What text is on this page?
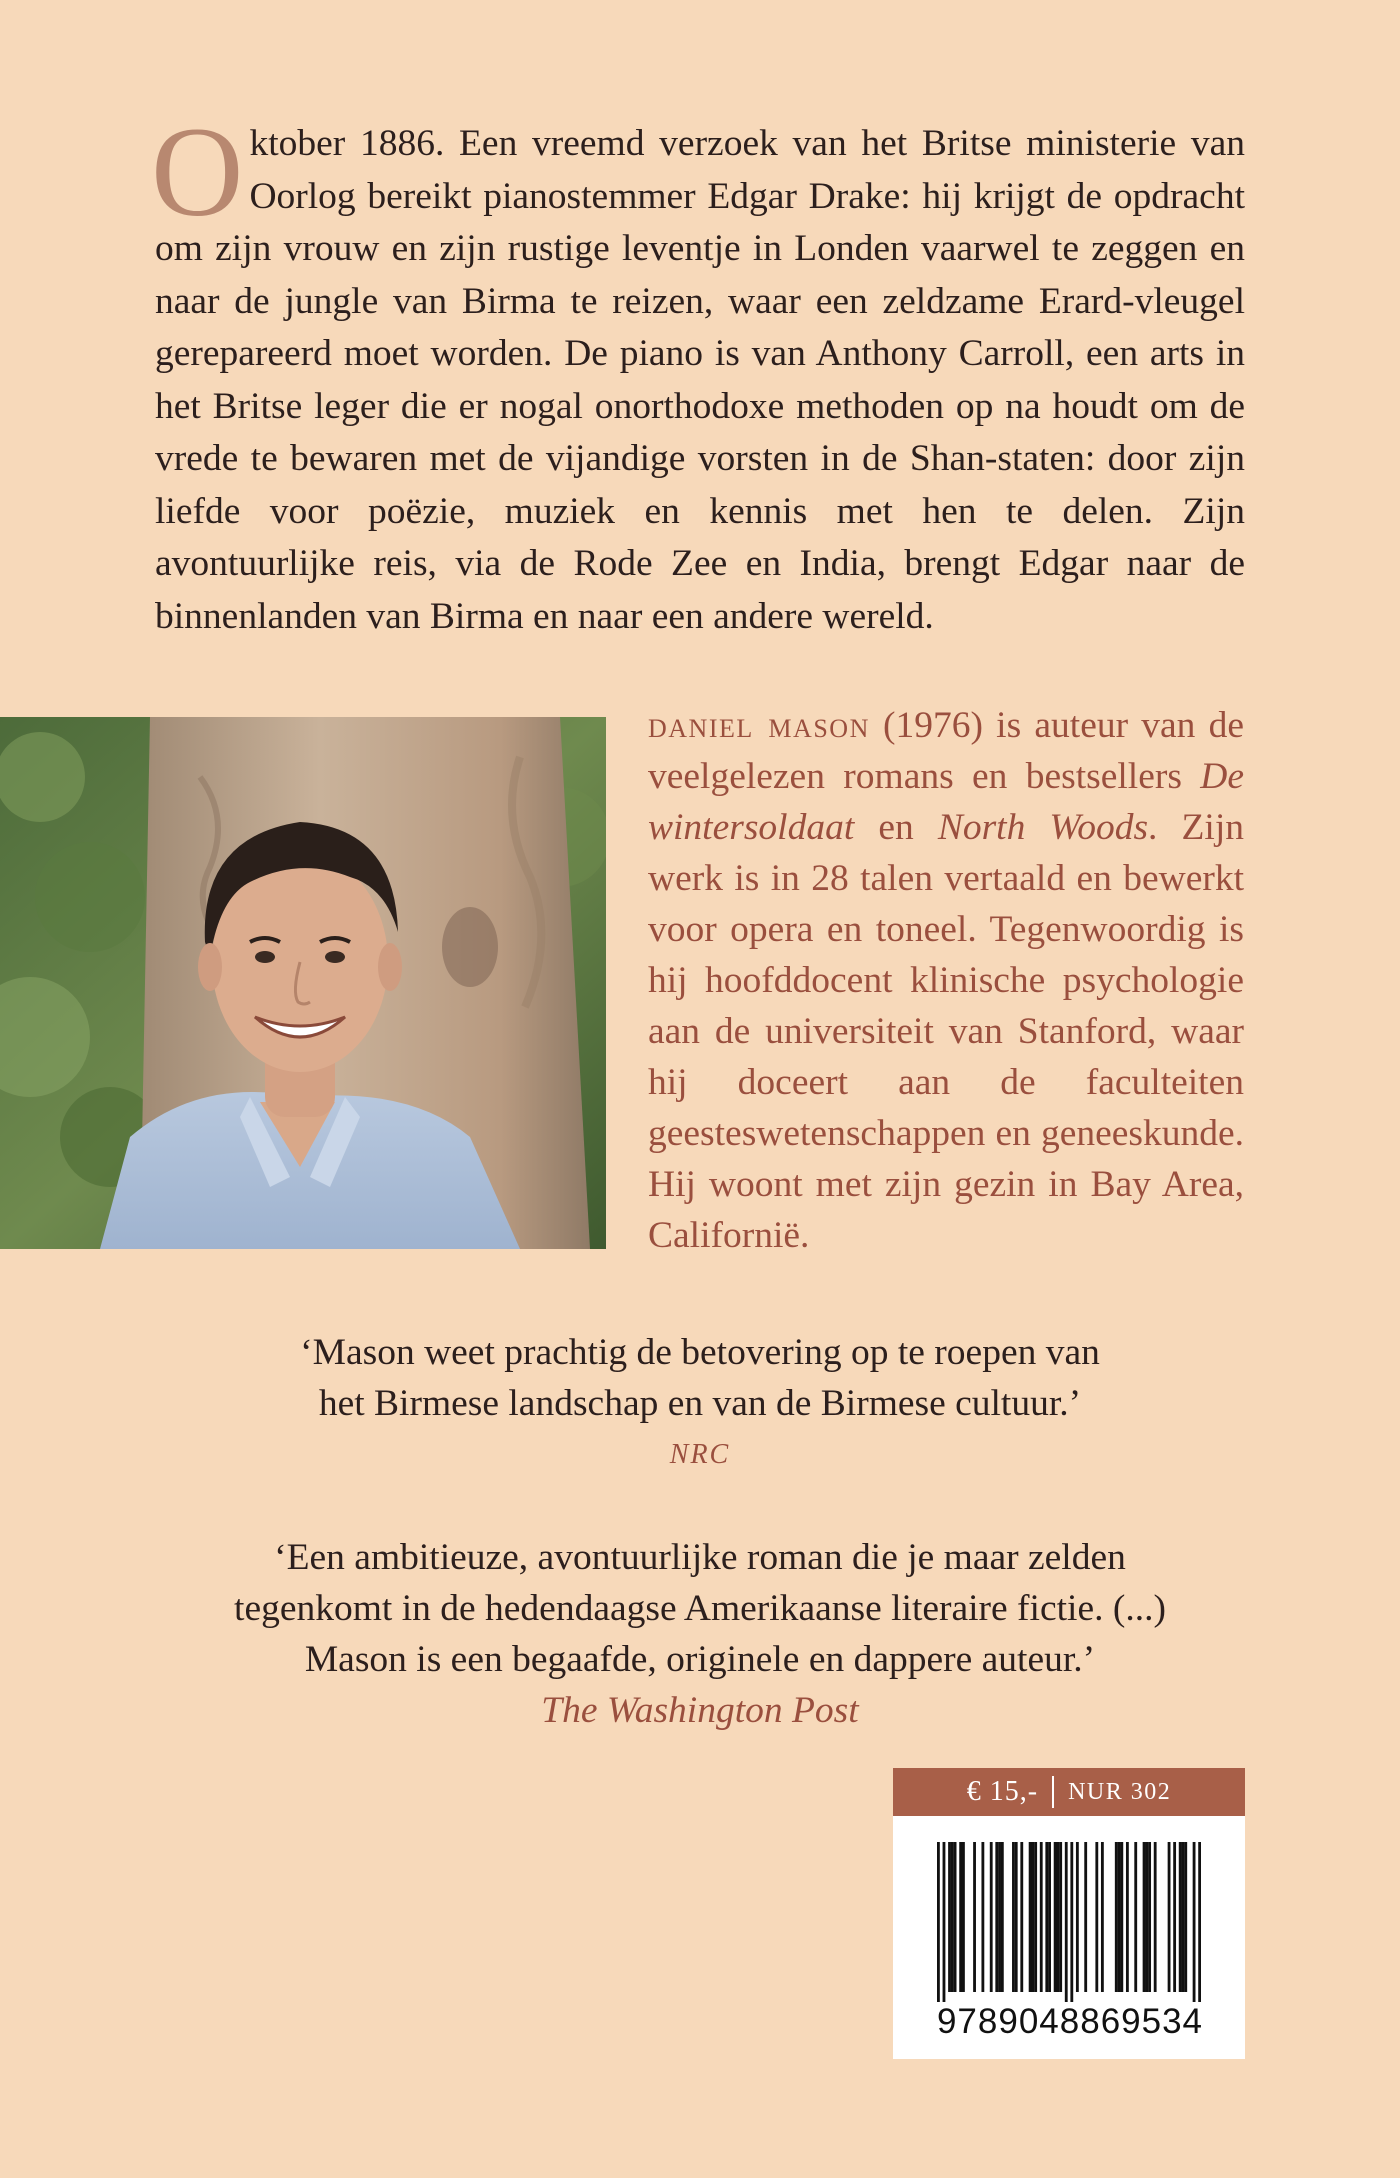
Oktober 1886. Een vreemd verzoek van het Britse ministerie van Oorlog bereikt pianostemmer Edgar Drake: hij krijgt de opdracht om zijn vrouw en zijn rustige leventje in Londen vaarwel te zeggen en naar de jungle van Birma te reizen, waar een zeldzame Erard-vleugel gerepareerd moet worden. De piano is van Anthony Carroll, een arts in het Britse leger die er nogal onorthodoxe methoden op na houdt om de vrede te bewaren met de vijandige vorsten in de Shan-staten: door zijn liefde voor poëzie, muziek en kennis met hen te delen. Zijn avontuurlijke reis, via de Rode Zee en India, brengt Edgar naar de binnenlanden van Birma en naar een andere wereld.

daniel mason (1976) is auteur van de veelgelezen romans en bestsellers De wintersoldaat en North Woods. Zijn werk is in 28 talen vertaald en bewerkt voor opera en toneel. Tegenwoordig is hij hoofddocent klinische psychologie aan de universiteit van Stanford, waar hij doceert aan de faculteiten geesteswetenschappen en geneeskunde. Hij woont met zijn gezin in Bay Area, Californië.

‘Mason weet prachtig de betovering op te roepen van
het Birmese landschap en van de Birmese cultuur.’
NRC
‘Een ambitieuze, avontuurlijke roman die je maar zelden
tegenkomt in de hedendaagse Amerikaanse literaire fictie. (...)
Mason is een begaafde, originele en dappere auteur.’
The Washington Post
€ 15,- NUR 302
9789048869534
